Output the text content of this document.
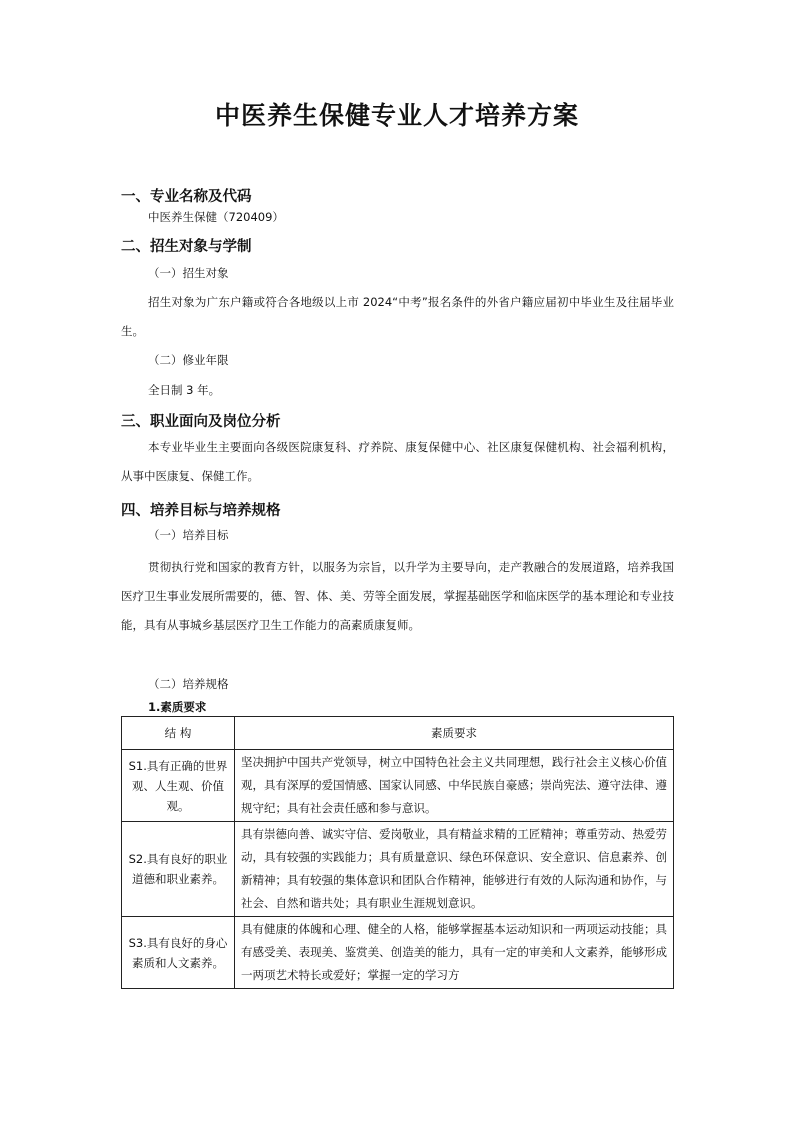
中医养生保健专业人才培养方案
一、专业名称及代码

中医养生保健（720409）

二、招生对象与学制

（一）招生对象

招生对象为广东户籍或符合各地级以上市 2024“中考”报名条件的外省户籍应届初中毕业生及往届毕业生。

（二）修业年限

全日制 3 年。

三、职业面向及岗位分析

本专业毕业生主要面向各级医院康复科、疗养院、康复保健中心、社区康复保健机构、社会福利机构，从事中医康复、保健工作。

四、培养目标与培养规格

（一）培养目标

贯彻执行党和国家的教育方针，以服务为宗旨，以升学为主要导向，走产教融合的发展道路，培养我国医疗卫生事业发展所需要的，德、智、体、美、劳等全面发展，掌握基础医学和临床医学的基本理论和专业技能，具有从事城乡基层医疗卫生工作能力的高素质康复师。

（二）培养规格

1.素质要求

结 构	素质要求
S1.具有正确的世界观、人生观、价值观。	坚决拥护中国共产党领导，树立中国特色社会主义共同理想，践行社会主义核心价值观，具有深厚的爱国情感、国家认同感、中华民族自豪感；崇尚宪法、遵守法律、遵规守纪；具有社会责任感和参与意识。
S2.具有良好的职业道德和职业素养。	具有崇德向善、诚实守信、爱岗敬业，具有精益求精的工匠精神；尊重劳动、热爱劳动，具有较强的实践能力；具有质量意识、绿色环保意识、安全意识、信息素养、创新精神；具有较强的集体意识和团队合作精神，能够进行有效的人际沟通和协作，与社会、自然和谐共处；具有职业生涯规划意识。
S3.具有良好的身心素质和人文素养。	具有健康的体魄和心理、健全的人格，能够掌握基本运动知识和一两项运动技能；具有感受美、表现美、鉴赏美、创造美的能力，具有一定的审美和人文素养，能够形成一两项艺术特长或爱好；掌握一定的学习方
